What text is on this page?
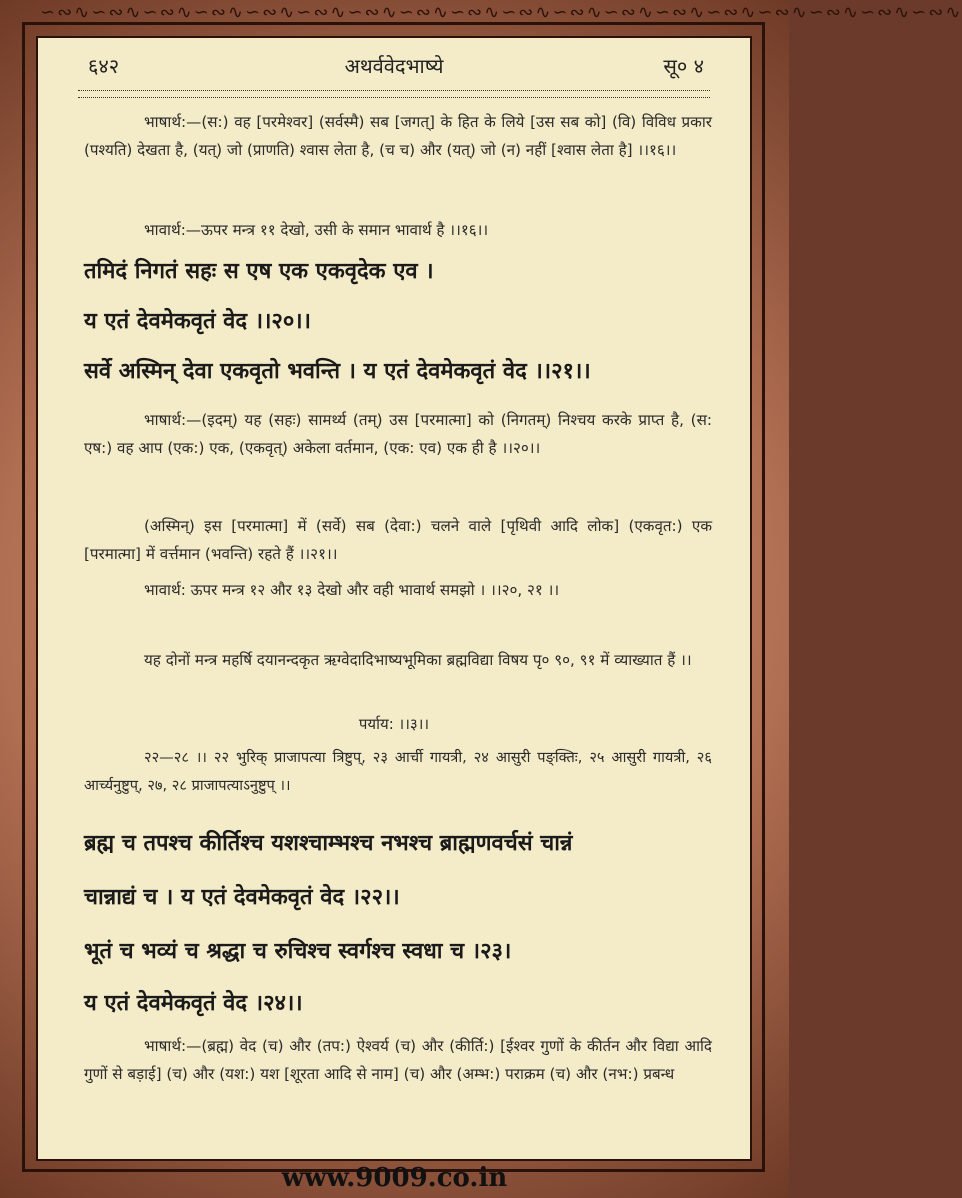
∽∾∿∽∾∿∽∾∿∽∾∿∽∾∿∽∾∿∽∾∿∽∾∿∽∾∿∽∾∿∽∾∿∽∾∿∽∾∿∽∾∿∽∾∿∽∾∿∽∾∿∽∾∿
अथर्ववेदभाष्ये
६४२	सू० ४
भाषार्थ:—(स:) वह [परमेश्वर] (सर्वस्मै) सब [जगत्] के हित के लिये [उस सब को] (वि) विविध प्रकार (पश्यति) देखता है, (यत्) जो (प्राणति) श्वास लेता है, (च च) और (यत्) जो (न) नहीं [श्वास लेता है] ।।१६।।
भावार्थ:—ऊपर मन्त्र ११ देखो, उसी के समान भावार्थ है ।।१६।।
तमिदं निगतं सहः स एष एक एकवृदेक एव ।
य एतं देवमेकवृतं वेद ।।२०।।
सर्वे अस्मिन् देवा एकवृतो भवन्ति । य एतं देवमेकवृतं वेद ।।२१।।
भाषार्थ:—(इदम्) यह (सहः) सामर्थ्य (तम्) उस [परमात्मा] को (निगतम्) निश्चय करके प्राप्त है, (स: एष:) वह आप (एक:) एक, (एकवृत्) अकेला वर्तमान, (एक: एव) एक ही है ।।२०।।
(अस्मिन्) इस [परमात्मा] में (सर्वे) सब (देवा:) चलने वाले [पृथिवी आदि लोक] (एकवृत:) एक [परमात्मा] में वर्त्तमान (भवन्ति) रहते हैं ।।२१।।
भावार्थ: ऊपर मन्त्र १२ और १३ देखो और वही भावार्थ समझो । ।।२०, २१ ।।
यह दोनों मन्त्र महर्षि दयानन्दकृत ऋग्वेदादिभाष्यभूमिका ब्रह्मविद्या विषय पृ० ९०, ९१ में व्याख्यात हैं ।।
पर्याय: ।।३।।
२२—२८ ।। २२ भुरिक् प्राजापत्या त्रिष्टुप्, २३ आर्ची गायत्री, २४ आसुरी पङ्क्तिः, २५ आसुरी गायत्री, २६ आर्च्यनुष्टुप्, २७, २८ प्राजापत्याऽनुष्टुप् ।।
ब्रह्म च तपश्च कीर्तिश्च यशश्चाम्भश्च नभश्च ब्राह्मणवर्चसं चान्नं
चान्नाद्यं च । य एतं देवमेकवृतं वेद ।२२।।
भूतं च भव्यं च श्रद्धा च रुचिश्च स्वर्गश्च स्वधा च ।२३।
य एतं देवमेकवृतं वेद ।२४।।
भाषार्थ:—(ब्रह्म) वेद (च) और (तप:) ऐश्वर्य (च) और (कीर्ति:) [ईश्वर गुणों के कीर्तन और विद्या आदि गुणों से बड़ाई] (च) और (यश:) यश [शूरता आदि से नाम] (च) और (अम्भ:) पराक्रम (च) और (नभ:) प्रबन्ध
www.9009.co.in
